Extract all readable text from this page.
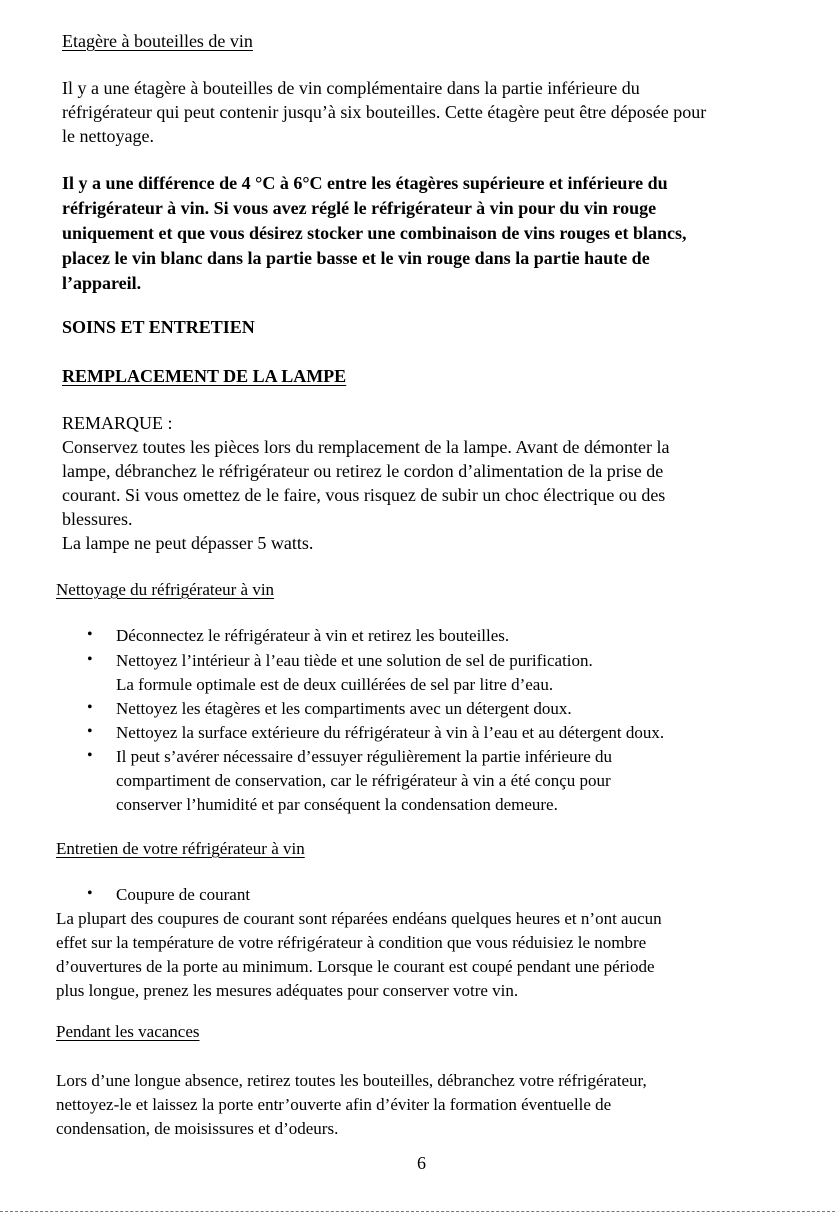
Etagère à bouteilles de vin
Il y a une étagère à bouteilles de vin complémentaire dans la partie inférieure du
réfrigérateur qui peut contenir jusqu’à six bouteilles. Cette étagère peut être déposée pour
le nettoyage.
Il y a une différence de 4 °C à 6°C entre les étagères supérieure et inférieure du
réfrigérateur à vin. Si vous avez réglé le réfrigérateur à vin pour du vin rouge
uniquement et que vous désirez stocker une combinaison de vins rouges et blancs,
placez le vin blanc dans la partie basse et le vin rouge dans la partie haute de
l’appareil.
SOINS ET ENTRETIEN
REMPLACEMENT DE LA LAMPE
REMARQUE :
Conservez toutes les pièces lors du remplacement de la lampe. Avant de démonter la
lampe, débranchez le réfrigérateur ou retirez le cordon d’alimentation de la prise de
courant. Si vous omettez de le faire, vous risquez de subir un choc électrique ou des
blessures.
La lampe ne peut dépasser 5 watts.
Nettoyage du réfrigérateur à vin
• Déconnectez le réfrigérateur à vin et retirez les bouteilles.
• Nettoyez l’intérieur à l’eau tiède et une solution de sel de purification.
La formule optimale est de deux cuillérées de sel par litre d’eau.
• Nettoyez les étagères et les compartiments avec un détergent doux.
• Nettoyez la surface extérieure du réfrigérateur à vin à l’eau et au détergent doux.
• Il peut s’avérer nécessaire d’essuyer régulièrement la partie inférieure du
compartiment de conservation, car le réfrigérateur à vin a été conçu pour
conserver l’humidité et par conséquent la condensation demeure.
Entretien de votre réfrigérateur à vin
• Coupure de courant
La plupart des coupures de courant sont réparées endéans quelques heures et n’ont aucun
effet sur la température de votre réfrigérateur à condition que vous réduisiez le nombre
d’ouvertures de la porte au minimum. Lorsque le courant est coupé pendant une période
plus longue, prenez les mesures adéquates pour conserver votre vin.
Pendant les vacances
Lors d’une longue absence, retirez toutes les bouteilles, débranchez votre réfrigérateur,
nettoyez-le et laissez la porte entr’ouverte afin d’éviter la formation éventuelle de
condensation, de moisissures et d’odeurs.
6
